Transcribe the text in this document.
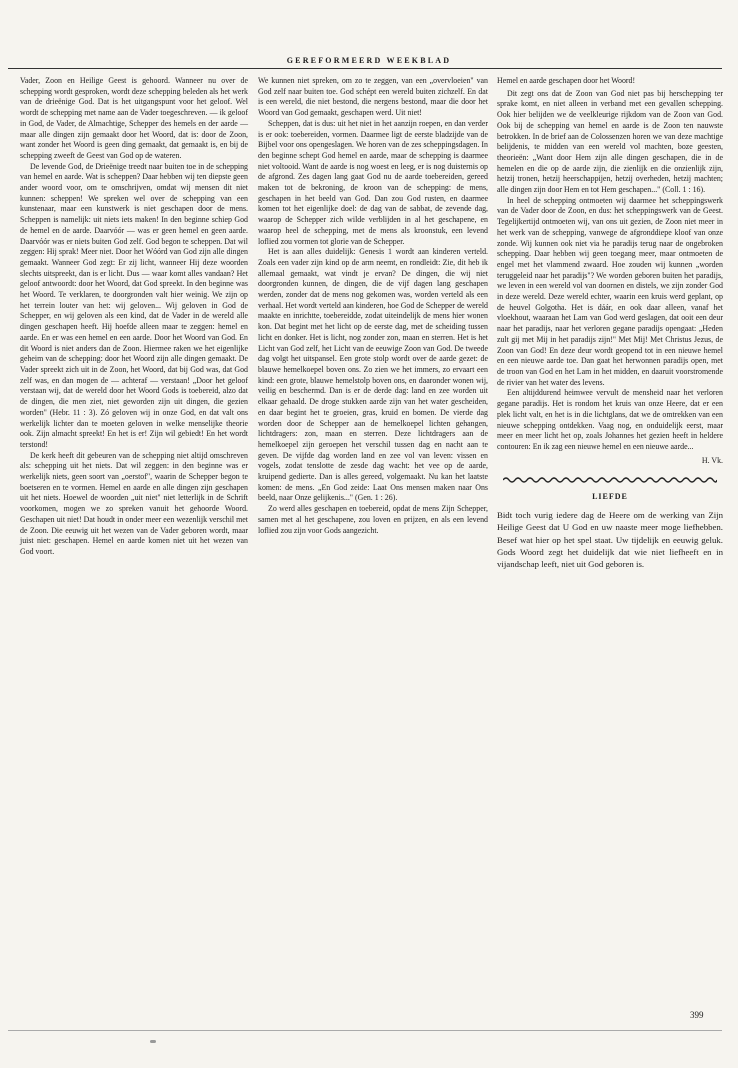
GEREFORMEERD WEEKBLAD

Vader, Zoon en Heilige Geest is gehoord. Wanneer nu over de schepping wordt gesproken, wordt deze schepping beleden als het werk van de drieënige God. Dat is het uitgangspunt voor het geloof. Wel wordt de schepping met name aan de Vader toegeschreven. — ik geloof in God, de Vader, de Almachtige, Schepper des hemels en der aarde — maar alle dingen zijn gemaakt door het Woord, dat is: door de Zoon, want zonder het Woord is geen ding gemaakt, dat gemaakt is, en bij de schepping zweeft de Geest van God op de wateren.

De levende God, de Drieënige treedt naar buiten toe in de schepping van hemel en aarde. Wat is scheppen? Daar hebben wij ten diepste geen ander woord voor, om te omschrijven, omdat wij mensen dit niet kunnen: scheppen! We spreken wel over de schepping van een kunstenaar, maar een kunstwerk is niet geschapen door de mens. Scheppen is namelijk: uit niets iets maken! In den beginne schiep God de hemel en de aarde. Daarvóór — was er geen hemel en geen aarde. Daarvóór was er niets buiten God zelf. God begon te scheppen. Dat wil zeggen: Hij sprak! Meer niet. Door het Wóórd van God zijn alle dingen gemaakt. Wanneer God zegt: Er zij licht, wanneer Hij deze woorden slechts uitspreekt, dan is er licht. Dus — waar komt alles vandaan? Het geloof antwoordt: door het Woord, dat God spreekt. In den beginne was het Woord. Te verklaren, te doorgronden valt hier weinig. We zijn op het terrein louter van het: wij geloven... Wij geloven in God de Schepper, en wij geloven als een kind, dat de Vader in de wereld alle dingen geschapen heeft. Hij hoefde alleen maar te zeggen: hemel en aarde. En er was een hemel en een aarde. Door het Woord van God. En dit Woord is niet anders dan de Zoon. Hiermee raken we het eigenlijke geheim van de schepping: door het Woord zijn alle dingen gemaakt. De Vader spreekt zich uit in de Zoon, het Woord, dat bij God was, dat God zelf was, en dan mogen de — achteraf — verstaan! „Door het geloof verstaan wij, dat de wereld door het Woord Gods is toebereid, alzo dat de dingen, die men ziet, niet geworden zijn uit dingen, die gezien worden" (Hebr. 11 : 3). Zó geloven wij in onze God, en dat valt ons werkelijk lichter dan te moeten geloven in welke menselijke theorie ook. Zijn almacht spreekt! En het is er! Zijn wil gebiedt! En het wordt terstond!

De kerk heeft dit gebeuren van de schepping niet altijd omschreven als: schepping uit het niets. Dat wil zeggen: in den beginne was er werkelijk niets, geen soort van „oerstof", waarin de Schepper begon te boetseren en te vormen. Hemel en aarde en alle dingen zijn geschapen uit het niets. Hoewel de woorden „uit niet" niet letterlijk in de Schrift voorkomen, mogen we zo spreken vanuit het gehoorde Woord. Geschapen uit niet! Dat houdt in onder meer een wezenlijk verschil met de Zoon. Die eeuwig uit het wezen van de Vader geboren wordt, maar juist niet: geschapen. Hemel en aarde komen niet uit het wezen van God voort.

We kunnen niet spreken, om zo te zeggen, van een „overvloeien" van God zelf naar buiten toe. God schépt een wereld buiten zichzelf. En dat is een wereld, die niet bestond, die nergens bestond, maar die door het Woord van God gemaakt, geschapen werd. Uit niet!

Scheppen, dat is dus: uit het niet in het aanzijn roepen, en dan verder is er ook: toebereiden, vormen. Daarmee ligt de eerste bladzijde van de Bijbel voor ons opengeslagen. We horen van de zes scheppingsdagen. In den beginne schept God hemel en aarde, maar de schepping is daarmee niet voltooid. Want de aarde is nog woest en leeg, er is nog duisternis op de afgrond. Zes dagen lang gaat God nu de aarde toebereiden, gereed maken tot de bekroning, de kroon van de schepping: de mens, geschapen in het beeld van God. Dan zou God rusten, en daarmee komen tot het eigenlijke doel: de dag van de sabbat, de zevende dag, waarop de Schepper zich wilde verblijden in al het geschapene, en waarop heel de schepping, met de mens als kroonstuk, een levend loflied zou vormen tot glorie van de Schepper.

Het is aan alles duidelijk: Genesis 1 wordt aan kinderen verteld. Zoals een vader zijn kind op de arm neemt, en rondleidt: Zie, dit heb ik allemaal gemaakt, wat vindt je ervan? De dingen, die wij niet doorgronden kunnen, de dingen, die de vijf dagen lang geschapen werden, zonder dat de mens nog gekomen was, worden verteld als een verhaal. Het wordt verteld aan kinderen, hoe God de Schepper de wereld maakte en inrichtte, toebereidde, zodat uiteindelijk de mens hier wonen kon. Dat begint met het licht op de eerste dag, met de scheiding tussen licht en donker. Het is licht, nog zonder zon, maan en sterren. Het is het Licht van God zelf, het Licht van de eeuwige Zoon van God. De tweede dag volgt het uitspansel. Een grote stolp wordt over de aarde gezet: de blauwe hemelkoepel boven ons. Zo zien we het immers, zo ervaart een kind: een grote, blauwe hemelstolp boven ons, en daaronder wonen wij, veilig en beschermd. Dan is er de derde dag: land en zee worden uit elkaar gehaald. De droge stukken aarde zijn van het water gescheiden, en daar begint het te groeien, gras, kruid en bomen. De vierde dag worden door de Schepper aan de hemelkoepel lichten gehangen, lichtdragers: zon, maan en sterren. Deze lichtdragers aan de hemelkoepel zijn geroepen het verschil tussen dag en nacht aan te geven. De vijfde dag worden land en zee vol van leven: vissen en vogels, zodat tenslotte de zesde dag wacht: het vee op de aarde, kruipend gedierte. Dan is alles gereed, volgemaakt. Nu kan het laatste komen: de mens. „En God zeide: Laat Ons mensen maken naar Ons beeld, naar Onze gelijkenis..." (Gen. 1 : 26).

Zo werd alles geschapen en toebereid, opdat de mens Zijn Schepper, samen met al het geschapene, zou loven en prijzen, en als een levend loflied zou zijn voor Gods aangezicht.

Hemel en aarde geschapen door het Woord!

Dit zegt ons dat de Zoon van God niet pas bij herschepping ter sprake komt, en niet alleen in verband met een gevallen schepping. Ook hier belijden we de veelkleurige rijkdom van de Zoon van God. Ook bij de schepping van hemel en aarde is de Zoon ten nauwste betrokken. In de brief aan de Colossenzen horen we van deze machtige belijdenis, te midden van een wereld vol machten, boze geesten, theorieën: „Want door Hem zijn alle dingen geschapen, die in de hemelen en die op de aarde zijn, die zienlijk en die onzienlijk zijn, hetzij tronen, hetzij heerschappijen, hetzij overheden, hetzij machten; alle dingen zijn door Hem en tot Hem geschapen..." (Coll. 1 : 16).

In heel de schepping ontmoeten wij daarmee het scheppingswerk van de Vader door de Zoon, en dus: het scheppingswerk van de Geest. Tegelijkertijd ontmoeten wij, van ons uit gezien, de Zoon niet meer in het werk van de schepping, vanwege de afgronddiepe kloof van onze zonde. Wij kunnen ook niet via he paradijs terug naar de ongebroken schepping. Daar hebben wij geen toegang meer, maar ontmoeten de engel met het vlammend zwaard. Hoe zouden wij kunnen „worden teruggeleid naar het paradijs"? We worden geboren buiten het paradijs, we leven in een wereld vol van doornen en distels, we zijn zonder God in deze wereld. Deze wereld echter, waarin een kruis werd geplant, op de heuvel Golgotha. Het is dáár, en ook daar alleen, vanaf het vloekhout, waaraan het Lam van God werd geslagen, dat ooit een deur naar het paradijs, naar het verloren gegane paradijs opengaat: „Heden zult gij met Mij in het paradijs zijn!" Met Mij! Met Christus Jezus, de Zoon van God! En deze deur wordt geopend tot in een nieuwe hemel en een nieuwe aarde toe. Dan gaat het herwonnen paradijs open, met de troon van God en het Lam in het midden, en daaruit voorstromende de rivier van het water des levens.

Een altijddurend heimwee vervult de mensheid naar het verloren gegane paradijs. Het is rondom het kruis van onze Heere, dat er een plek licht valt, en het is in die lichtglans, dat we de omtrekken van een nieuwe schepping ontdekken. Vaag nog, en onduidelijk eerst, maar meer en meer licht het op, zoals Johannes het gezien heeft in heldere contouren: En ik zag een nieuwe hemel en een nieuwe aarde...

H. Vk.

LIEFDE

Bidt toch vurig iedere dag de Heere om de werking van Zijn Heilige Geest dat U God en uw naaste meer moge liefhebben. Besef wat hier op het spel staat. Uw tijdelijk en eeuwig geluk. Gods Woord zegt het duidelijk dat wie niet liefheeft en in vijandschap leeft, niet uit God geboren is.

399
